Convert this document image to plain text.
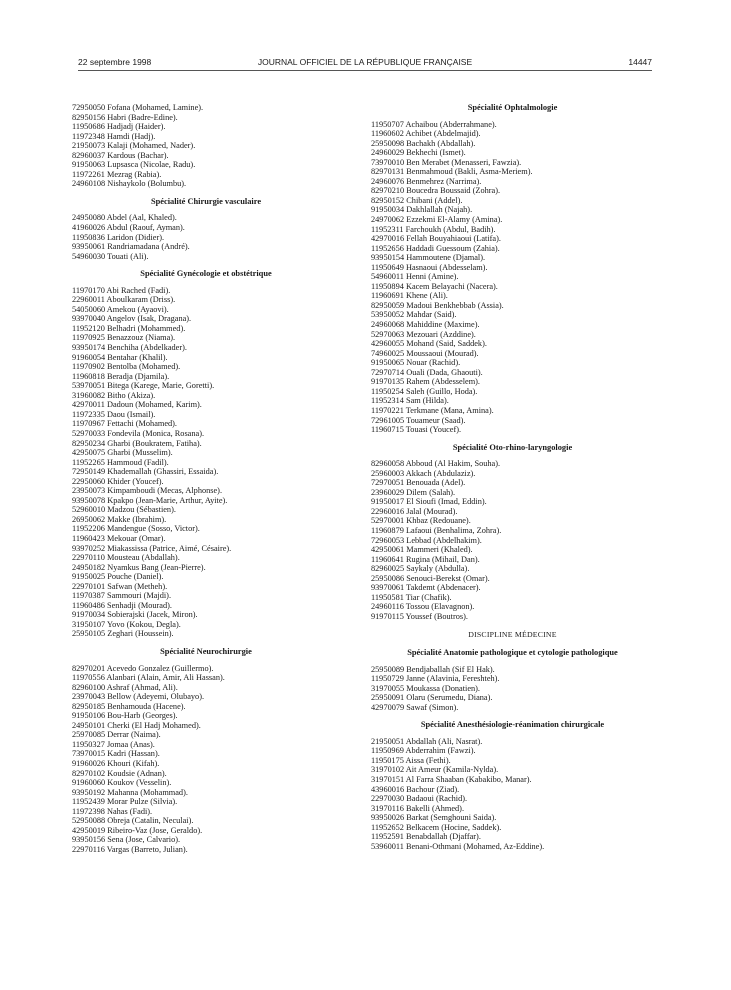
22 septembre 1998	JOURNAL OFFICIEL DE LA RÉPUBLIQUE FRANÇAISE	14447
72950050 Fofana (Mohamed, Lamine).
82950156 Habri (Badre-Edine).
11950686 Hadjadj (Haider).
11972348 Hamdi (Hadj).
21950073 Kalaji (Mohamed, Nader).
82960037 Kardous (Bachar).
91950063 Lupsasca (Nicolae, Radu).
11972261 Mezrag (Rabia).
24960108 Nishaykolo (Bolumbu).
Spécialité Chirurgie vasculaire
24950080 Abdel (Aal, Khaled).
41960026 Abdul (Raouf, Ayman).
11950836 Laridon (Didier).
93950061 Randriamadana (André).
54960030 Touati (Ali).
Spécialité Gynécologie et obstétrique
11970170 Abi Rached (Fadi).
22960011 Aboulkaram (Driss).
54050060 Amekou (Ayaovi).
93970040 Angelov (Isak, Dragana).
11952120 Belhadri (Mohammed).
11970925 Benazzouz (Niama).
93950174 Benchiha (Abdelkader).
91960054 Bentahar (Khalil).
11970902 Bentolba (Mohamed).
11960818 Beradja (Djamila).
53970051 Bitega (Karege, Marie, Goretti).
31960082 Bitho (Akiza).
42970011 Dadoun (Mohamed, Karim).
11972335 Daou (Ismail).
11970967 Fettachi (Mohamed).
52970033 Fondevila (Monica, Rosana).
82950234 Gharbi (Boukratem, Fatiha).
42950075 Gharbi (Musselim).
11952265 Hammoud (Fadil).
72950149 Khademallah (Ghassiri, Essaida).
22950060 Khider (Youcef).
23950073 Kimpamboudi (Mecas, Alphonse).
93950078 Kpakpo (Jean-Marie, Arthur, Ayite).
52960010 Madzou (Sébastien).
26950062 Makke (Ibrahim).
11952206 Mandengue (Sosso, Victor).
11960423 Mekouar (Omar).
93970252 Miakassissa (Patrice, Aimé, Césaire).
22970110 Mousteau (Abdallah).
24950182 Nyamkus Bang (Jean-Pierre).
91950025 Pouche (Daniel).
22970101 Safwan (Metheh).
11970387 Sammouri (Majdi).
11960486 Senhadji (Mourad).
91970034 Sobierajski (Jacek, Miron).
31950107 Yovo (Kokou, Degla).
25950105 Zeghari (Houssein).
Spécialité Neurochirurgie
82970201 Acevedo Gonzalez (Guillermo).
11970556 Alanbari (Alain, Amir, Ali Hassan).
82960100 Ashraf (Ahmad, Ali).
23970043 Bellow (Adeyemi, Olubayo).
82950185 Benhamouda (Hacene).
91950106 Bou-Harb (Georges).
24950101 Cherki (El Hadj Mohamed).
25970085 Derrar (Naima).
11950327 Jomaa (Anas).
73970015 Kadri (Hassan).
91960026 Khouri (Kifah).
82970102 Koudsie (Adnan).
91960060 Koukov (Vesselin).
93950192 Mahanna (Mohammad).
11952439 Morar Pulze (Silvia).
11972398 Nahas (Fadi).
52950088 Obreja (Catalin, Neculai).
42950019 Ribeiro-Vaz (Jose, Geraldo).
93950156 Sena (Jose, Calvario).
22970116 Vargas (Barreto, Julian).
Spécialité Ophtalmologie
11950707 Achaibou (Abderrahmane).
11960602 Achibet (Abdelmajid).
25950098 Bachakh (Abdallah).
24960029 Bekhechi (Ismet).
73970010 Ben Merabet (Menasseri, Fawzia).
82970131 Benmahmoud (Bakli, Asma-Meriem).
24960076 Benmehrez (Narrima).
82970210 Boucedra Boussaid (Zohra).
82950152 Chibani (Addel).
91950034 Dakhlallah (Najah).
24970062 Ezzekmi El-Alamy (Amina).
11952311 Farchoukh (Abdul, Badih).
42970016 Fellah Bouyahiaoui (Latifa).
11952656 Haddadi Guessoum (Zahia).
93950154 Hammoutene (Djamal).
11950649 Hasnaoui (Abdesselam).
54960011 Henni (Amine).
11950894 Kacem Belayachi (Nacera).
11960691 Khene (Ali).
82950059 Madoui Benkhebbab (Assia).
53950052 Mahdar (Said).
24960068 Mahiddine (Maxime).
52970063 Mezouari (Azddine).
42960055 Mohand (Said, Saddek).
74960025 Moussaoui (Mourad).
91950065 Nouar (Rachid).
72970714 Ouali (Dada, Ghaouti).
91970135 Rahem (Abdesselem).
11950254 Saleh (Guillo, Hoda).
11952314 Sam (Hilda).
11970221 Terkmane (Mana, Amina).
72961005 Touameur (Saad).
11960715 Touasi (Youcef).
Spécialité Oto-rhino-laryngologie
82960058 Abboud (Al Hakim, Souha).
25960003 Akkach (Abdulaziz).
72970051 Benouada (Adel).
23960029 Dilem (Salah).
91950017 El Sioufi (Imad, Eddin).
22960016 Jalal (Mourad).
52970001 Khbaz (Redouane).
11960879 Lafaoui (Benhalima, Zohra).
72960053 Lebbad (Abdelhakim).
42950061 Mammeri (Khaled).
11960641 Rugina (Mihail, Dan).
82960025 Saykaly (Abdulla).
25950086 Senouci-Berekst (Omar).
93970061 Takdemt (Abdenacer).
11950581 Tiar (Chafik).
24960116 Tossou (Elavagnon).
91970115 Youssef (Boutros).
DISCIPLINE MÉDECINE
Spécialité Anatomie pathologique et cytologie pathologique
25950089 Bendjaballah (Sif El Hak).
11950729 Janne (Alavinia, Fereshteh).
31970055 Moukassa (Donatien).
25950091 Olaru (Serumedu, Diana).
42970079 Sawaf (Simon).
Spécialité Anesthésiologie-réanimation chirurgicale
21950051 Abdallah (Ali, Nasrat).
11950969 Abderrahim (Fawzi).
11950175 Aissa (Fethi).
31970102 Ait Ameur (Kamila-Nylda).
31970151 Al Farra Shaaban (Kabakibo, Manar).
43960016 Bachour (Ziad).
22970030 Badaoui (Rachid).
31970116 Bakelli (Ahmed).
93950026 Barkat (Semghouni Saida).
11952652 Belkacem (Hocine, Saddek).
11952591 Benabdallah (Djaffar).
53960011 Benani-Othmani (Mohamed, Az-Eddine).
